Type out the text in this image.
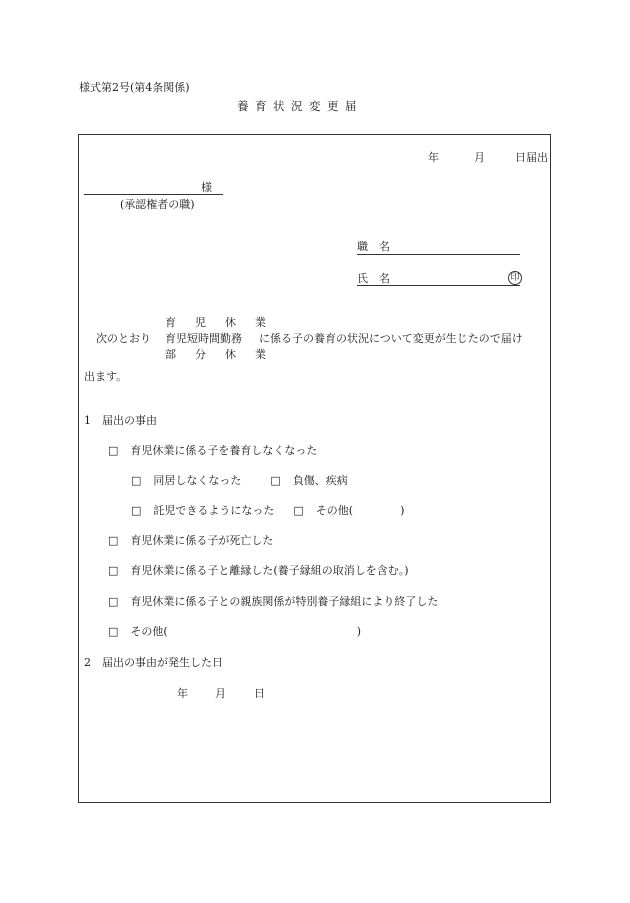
様式第2号(第4条関係)
養育状況変更届
年	月	日届出
様
(承認権者の職)
職　名
氏　名	印
育　児　休　業
育児短時間勤務
部　分　休　業
次のとおり	に係る子の養育の状況について変更が生じたので届け
出ます。
1　届出の事由
□ 育児休業に係る子を養育しなくなった
□ 同居しなくなった	□ 負傷、疾病
□ 託児できるようになった □ その他(	)
□ 育児休業に係る子が死亡した
□ 育児休業に係る子と離縁した(養子縁組の取消しを含む。)
□ 育児休業に係る子との親族関係が特別養子縁組により終了した
□ その他(	)
2　届出の事由が発生した日
年 月	日
